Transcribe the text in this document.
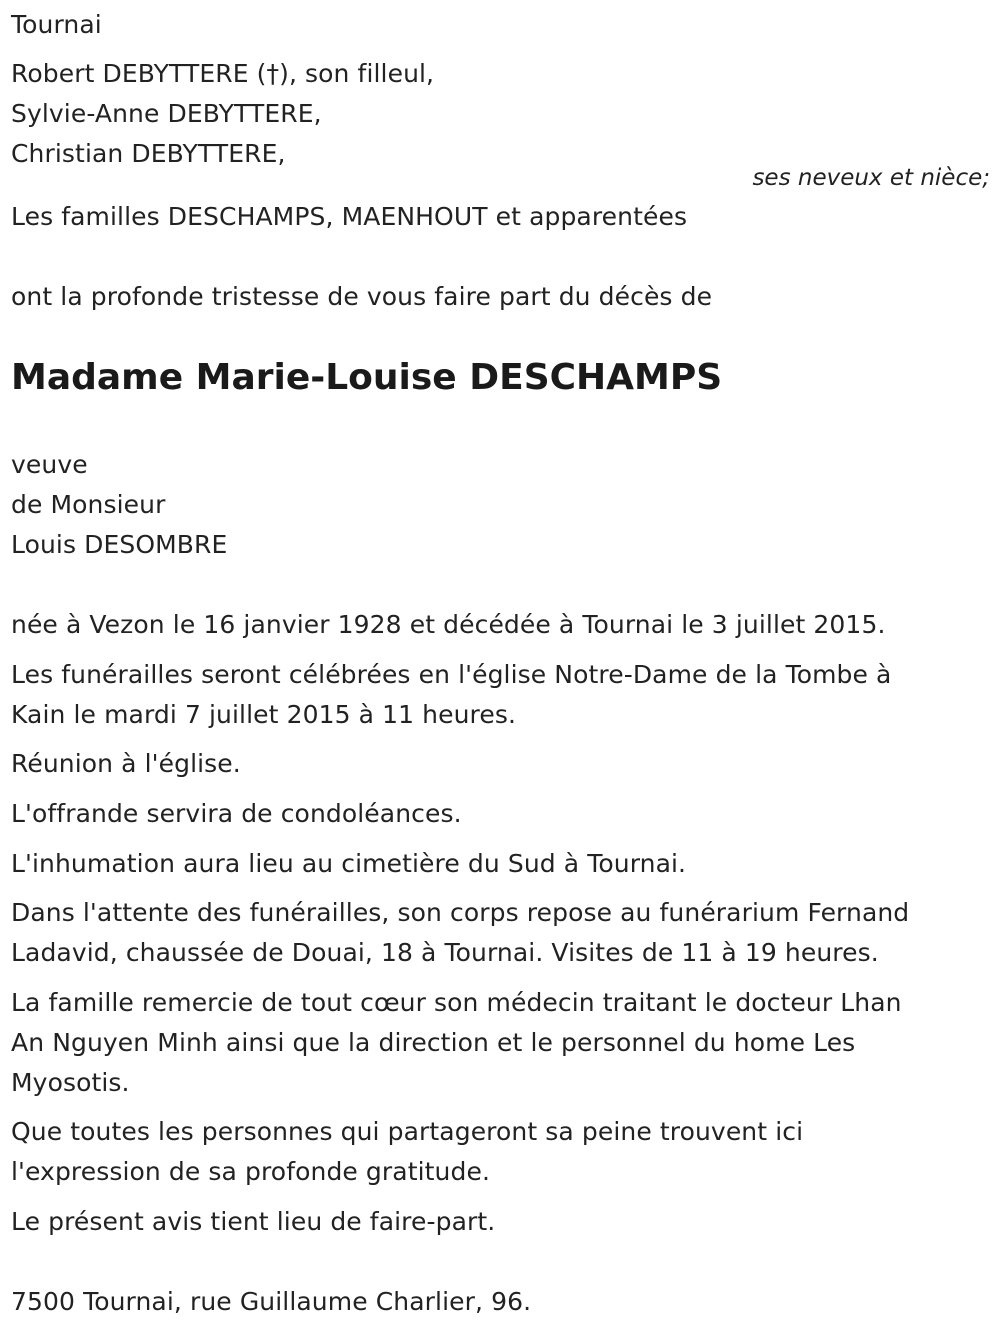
Tournai
Robert DEBYTTERE (†), son filleul,
Sylvie-Anne DEBYTTERE,
Christian DEBYTTERE,
ses neveux et nièce;
Les familles DESCHAMPS, MAENHOUT et apparentées
ont la profonde tristesse de vous faire part du décès de
Madame Marie-Louise DESCHAMPS
veuve
de Monsieur
Louis DESOMBRE
née à Vezon le 16 janvier 1928 et décédée à Tournai le 3 juillet 2015.
Les funérailles seront célébrées en l'église Notre-Dame de la Tombe à
Kain le mardi 7 juillet 2015 à 11 heures.
Réunion à l'église.
L'offrande servira de condoléances.
L'inhumation aura lieu au cimetière du Sud à Tournai.
Dans l'attente des funérailles, son corps repose au funérarium Fernand
Ladavid, chaussée de Douai, 18 à Tournai. Visites de 11 à 19 heures.
La famille remercie de tout cœur son médecin traitant le docteur Lhan
An Nguyen Minh ainsi que la direction et le personnel du home Les
Myosotis.
Que toutes les personnes qui partageront sa peine trouvent ici
l'expression de sa profonde gratitude.
Le présent avis tient lieu de faire-part.
7500 Tournai, rue Guillaume Charlier, 96.
